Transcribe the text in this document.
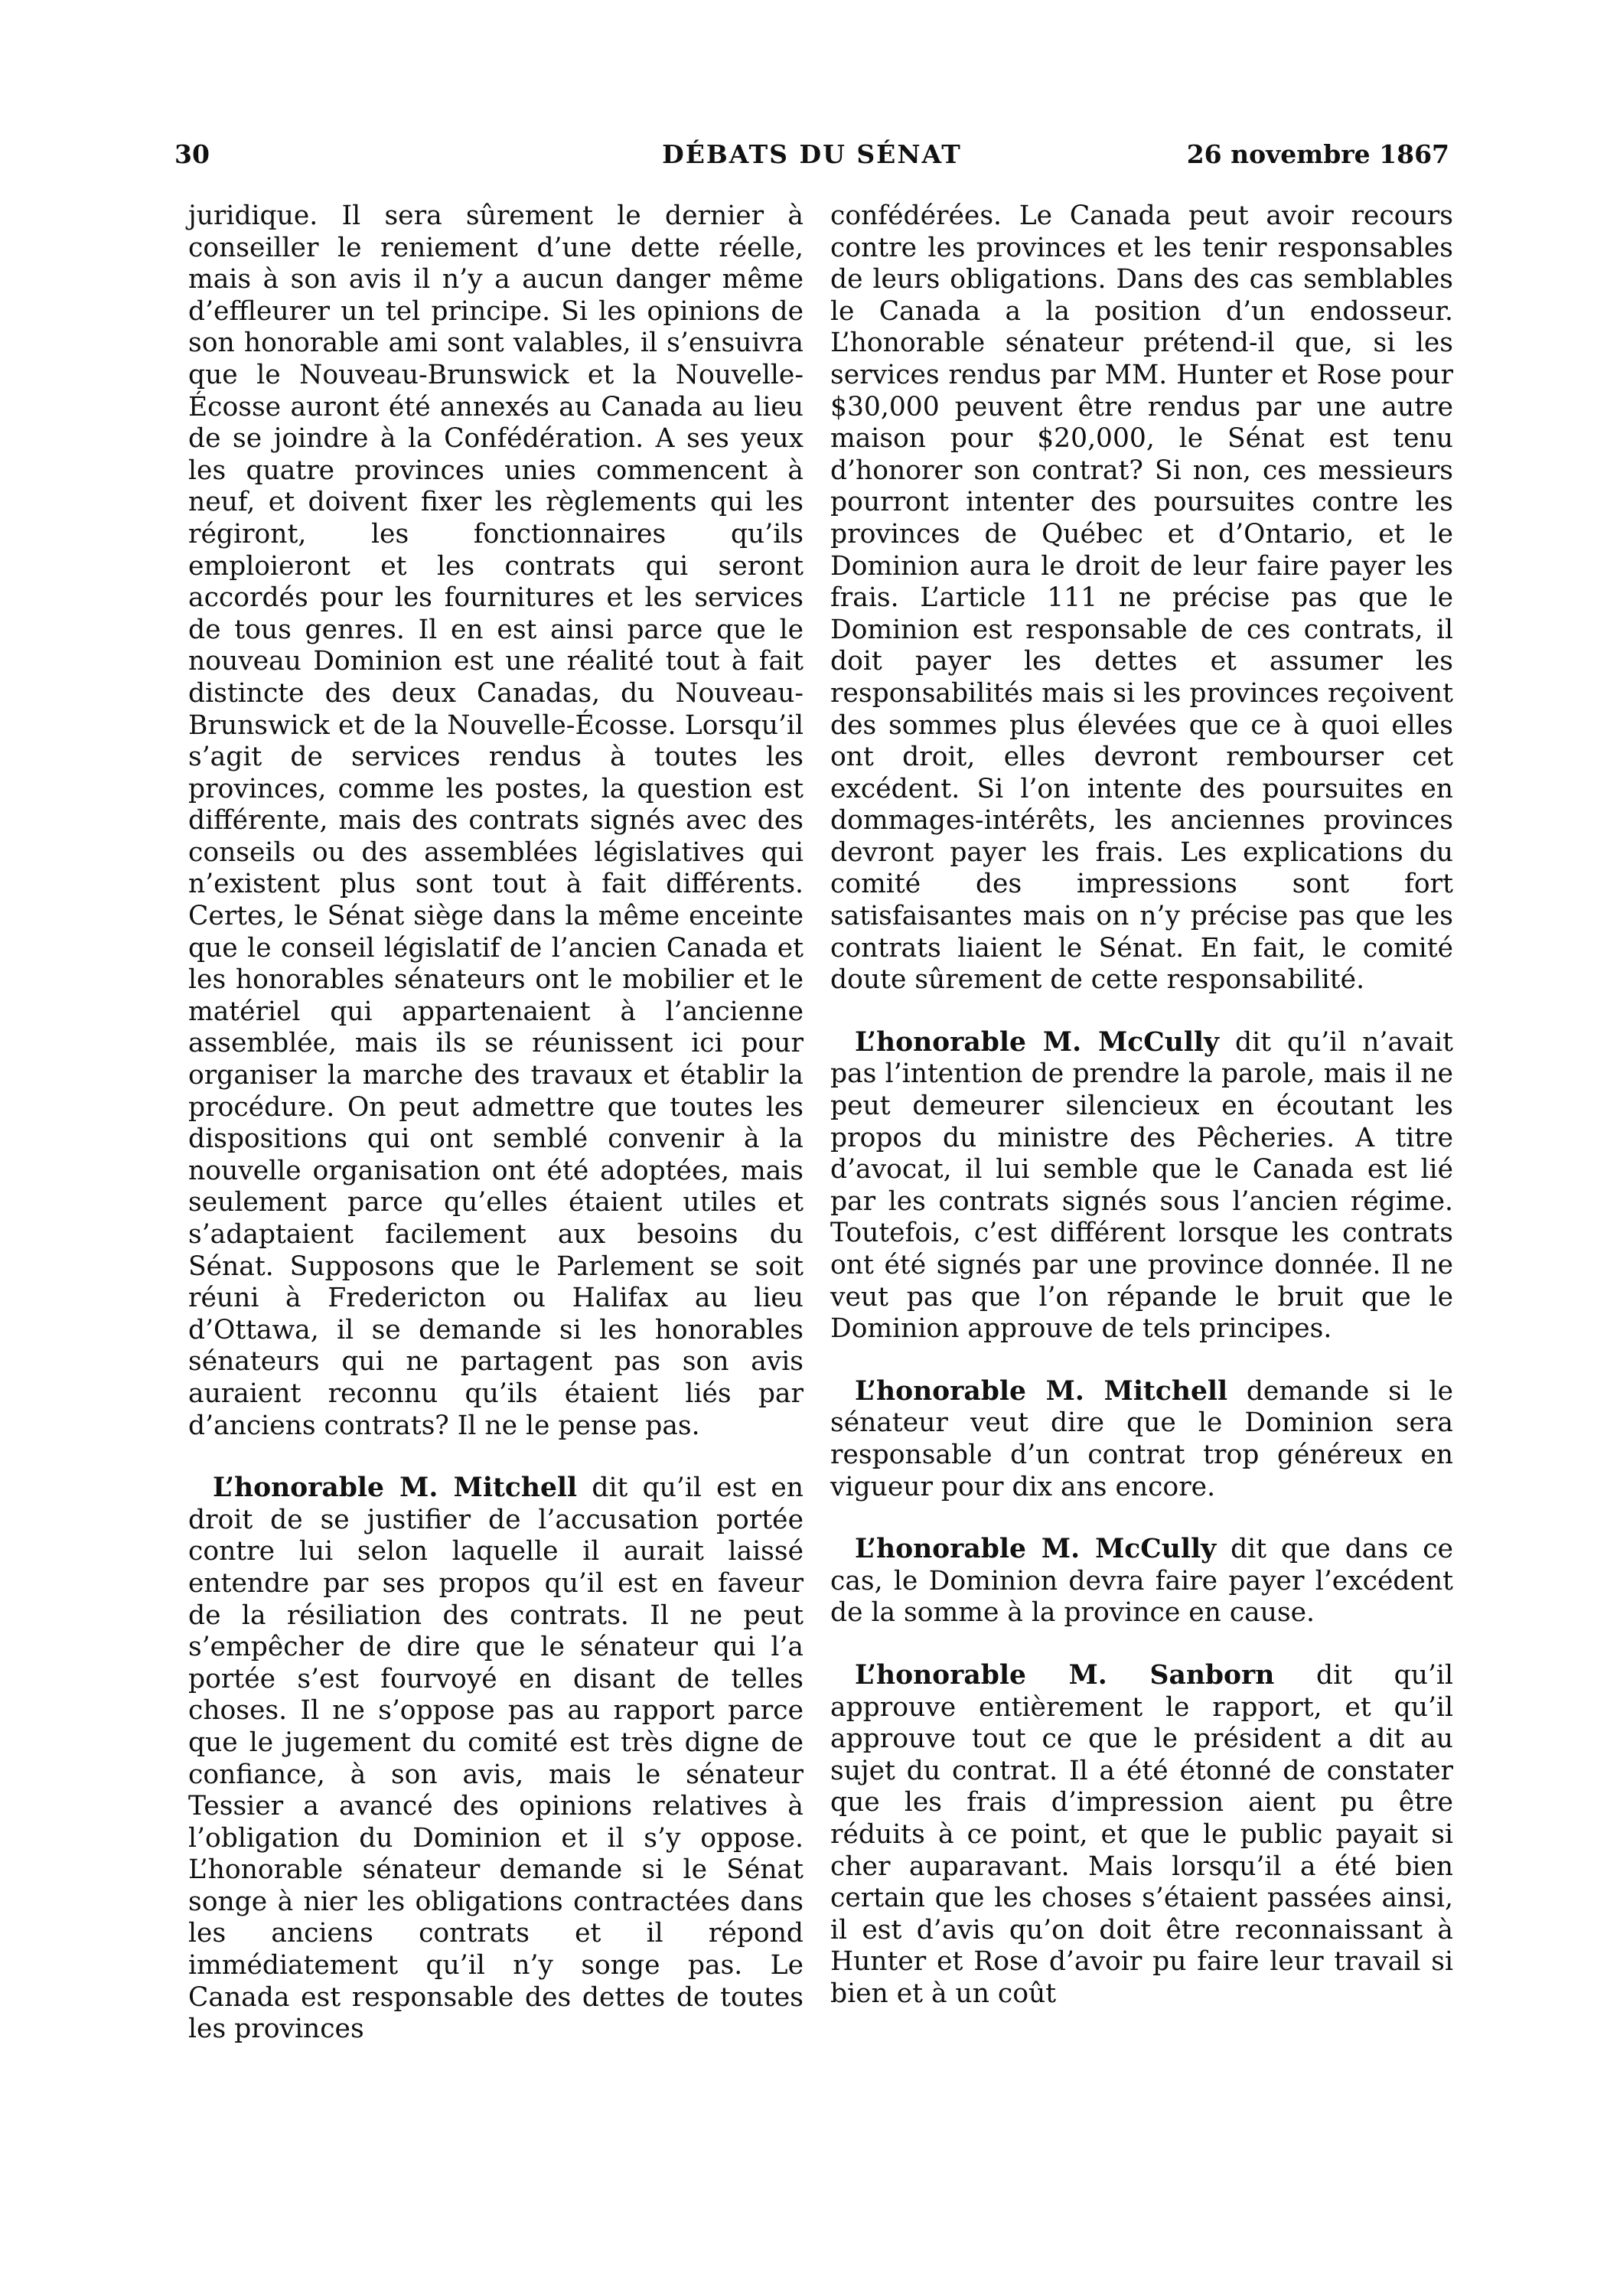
30	DÉBATS DU SÉNAT	26 novembre 1867

juridique. Il sera sûrement le dernier à conseiller le reniement d’une dette réelle, mais à son avis il n’y a aucun danger même d’effleurer un tel principe. Si les opinions de son honorable ami sont valables, il s’ensuivra que le Nouveau-Brunswick et la Nouvelle-Écosse auront été annexés au Canada au lieu de se joindre à la Confédération. A ses yeux les quatre provinces unies commencent à neuf, et doivent fixer les règlements qui les régiront, les fonctionnaires qu’ils emploieront et les contrats qui seront accordés pour les fournitures et les services de tous genres. Il en est ainsi parce que le nouveau Dominion est une réalité tout à fait distincte des deux Canadas, du Nouveau-Brunswick et de la Nouvelle-Écosse. Lorsqu’il s’agit de services rendus à toutes les provinces, comme les postes, la question est différente, mais des contrats signés avec des conseils ou des assemblées législatives qui n’existent plus sont tout à fait différents. Certes, le Sénat siège dans la même enceinte que le conseil législatif de l’ancien Canada et les honorables sénateurs ont le mobilier et le matériel qui appartenaient à l’ancienne assemblée, mais ils se réunissent ici pour organiser la marche des travaux et établir la procédure. On peut admettre que toutes les dispositions qui ont semblé convenir à la nouvelle organisation ont été adoptées, mais seulement parce qu’elles étaient utiles et s’adaptaient facilement aux besoins du Sénat. Supposons que le Parlement se soit réuni à Fredericton ou Halifax au lieu d’Ottawa, il se demande si les honorables sénateurs qui ne partagent pas son avis auraient reconnu qu’ils étaient liés par d’anciens contrats? Il ne le pense pas.

L’honorable M. Mitchell dit qu’il est en droit de se justifier de l’accusation portée contre lui selon laquelle il aurait laissé entendre par ses propos qu’il est en faveur de la résiliation des contrats. Il ne peut s’empêcher de dire que le sénateur qui l’a portée s’est fourvoyé en disant de telles choses. Il ne s’oppose pas au rapport parce que le jugement du comité est très digne de confiance, à son avis, mais le sénateur Tessier a avancé des opinions relatives à l’obligation du Dominion et il s’y oppose. L’honorable sénateur demande si le Sénat songe à nier les obligations contractées dans les anciens contrats et il répond immédiatement qu’il n’y songe pas. Le Canada est responsable des dettes de toutes les provinces

confédérées. Le Canada peut avoir recours contre les provinces et les tenir responsables de leurs obligations. Dans des cas semblables le Canada a la position d’un endosseur. L’honorable sénateur prétend-il que, si les services rendus par MM. Hunter et Rose pour $30,000 peuvent être rendus par une autre maison pour $20,000, le Sénat est tenu d’honorer son contrat? Si non, ces messieurs pourront intenter des poursuites contre les provinces de Québec et d’Ontario, et le Dominion aura le droit de leur faire payer les frais. L’article 111 ne précise pas que le Dominion est responsable de ces contrats, il doit payer les dettes et assumer les responsabilités mais si les provinces reçoivent des sommes plus élevées que ce à quoi elles ont droit, elles devront rembourser cet excédent. Si l’on intente des poursuites en dommages-intérêts, les anciennes provinces devront payer les frais. Les explications du comité des impressions sont fort satisfaisantes mais on n’y précise pas que les contrats liaient le Sénat. En fait, le comité doute sûrement de cette responsabilité.

L’honorable M. McCully dit qu’il n’avait pas l’intention de prendre la parole, mais il ne peut demeurer silencieux en écoutant les propos du ministre des Pêcheries. A titre d’avocat, il lui semble que le Canada est lié par les contrats signés sous l’ancien régime. Toutefois, c’est différent lorsque les contrats ont été signés par une province donnée. Il ne veut pas que l’on répande le bruit que le Dominion approuve de tels principes.

L’honorable M. Mitchell demande si le sénateur veut dire que le Dominion sera responsable d’un contrat trop généreux en vigueur pour dix ans encore.

L’honorable M. McCully dit que dans ce cas, le Dominion devra faire payer l’excédent de la somme à la province en cause.

L’honorable M. Sanborn dit qu’il approuve entièrement le rapport, et qu’il approuve tout ce que le président a dit au sujet du contrat. Il a été étonné de constater que les frais d’impression aient pu être réduits à ce point, et que le public payait si cher auparavant. Mais lorsqu’il a été bien certain que les choses s’étaient passées ainsi, il est d’avis qu’on doit être reconnaissant à Hunter et Rose d’avoir pu faire leur travail si bien et à un coût
